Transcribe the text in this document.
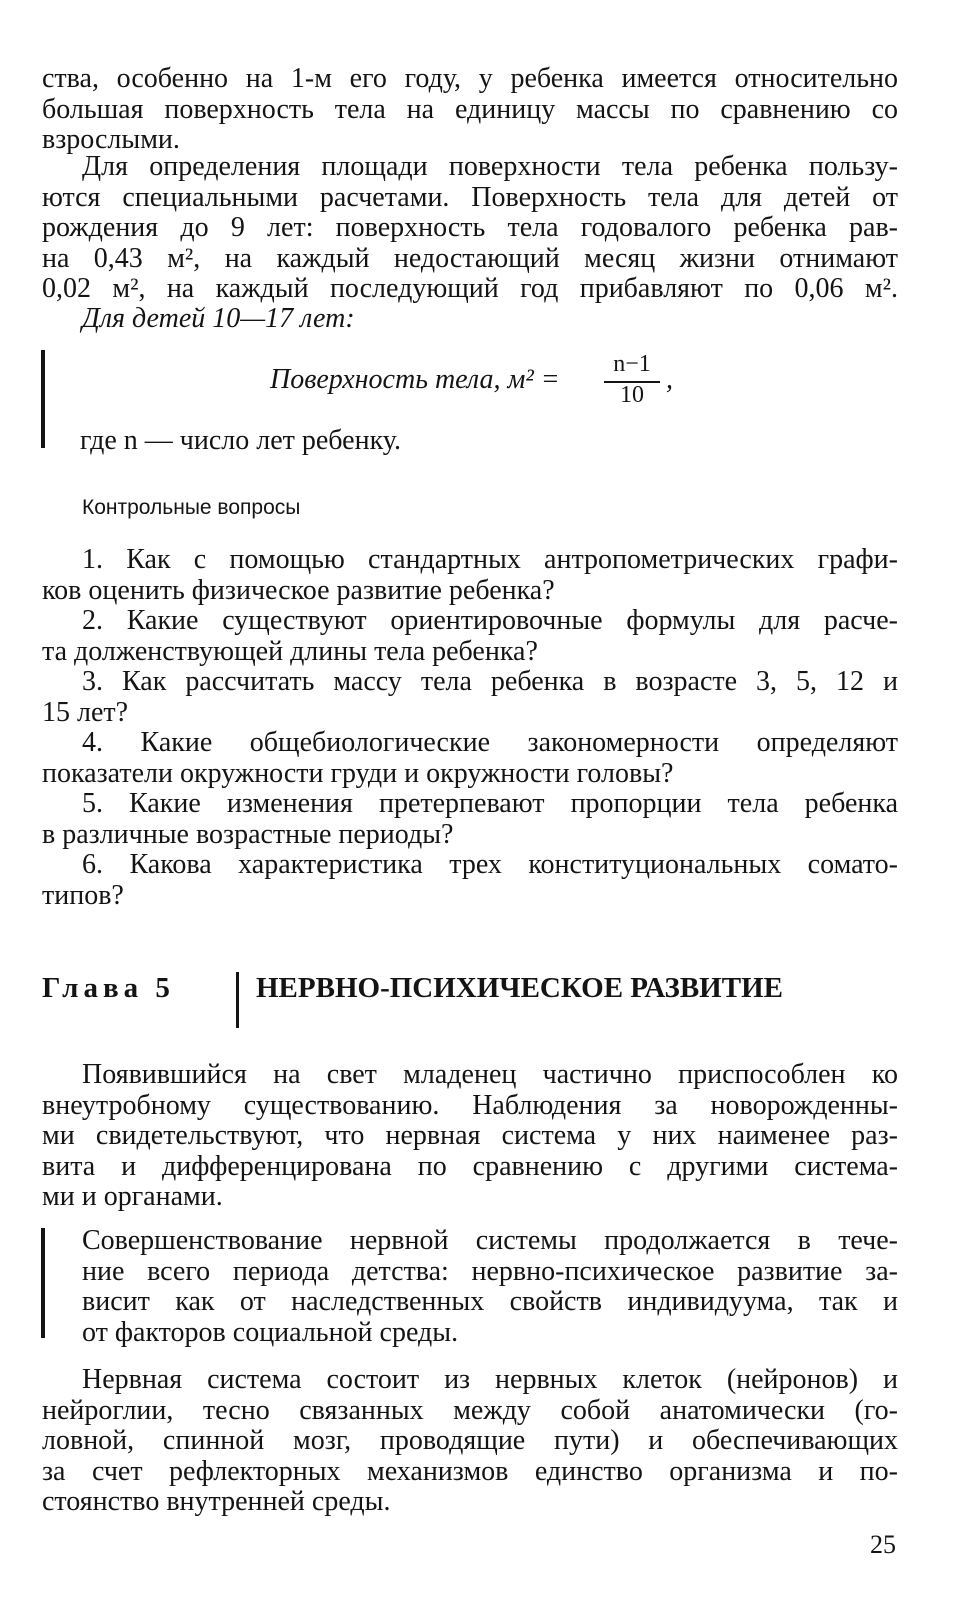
ства, особенно на 1-м его году, у ребенка имеется относительно
большая поверхность тела на единицу массы по сравнению со
взрослыми.
Для определения площади поверхности тела ребенка пользу-
ются специальными расчетами. Поверхность тела для детей от
рождения до 9 лет: поверхность тела годовалого ребенка рав-
на 0,43 м², на каждый недостающий месяц жизни отнимают
0,02 м², на каждый последующий год прибавляют по 0,06 м².
Для детей 10—17 лет:
Поверхность тела, м² =	n−1
10 ,
где n — число лет ребенку.
Контрольные вопросы
1. Как с помощью стандартных антропометрических графи-
ков оценить физическое развитие ребенка?
2. Какие существуют ориентировочные формулы для расче-
та долженствующей длины тела ребенка?
3. Как рассчитать массу тела ребенка в возрасте 3, 5, 12 и
15 лет?
4. Какие общебиологические закономерности определяют
показатели окружности груди и окружности головы?
5. Какие изменения претерпевают пропорции тела ребенка
в различные возрастные периоды?
6. Какова характеристика трех конституциональных сомато-
типов?
Глава 5	НЕРВНО-ПСИХИЧЕСКОЕ РАЗВИТИЕ
Появившийся на свет младенец частично приспособлен ко
внеутробному существованию. Наблюдения за новорожденны-
ми свидетельствуют, что нервная система у них наименее раз-
вита и дифференцирована по сравнению с другими система-
ми и органами.
Совершенствование нервной системы продолжается в тече-
ние всего периода детства: нервно-психическое развитие за-
висит как от наследственных свойств индивидуума, так и
от факторов социальной среды.
Нервная система состоит из нервных клеток (нейронов) и
нейроглии, тесно связанных между собой анатомически (го-
ловной, спинной мозг, проводящие пути) и обеспечивающих
за счет рефлекторных механизмов единство организма и по-
стоянство внутренней среды.
25
